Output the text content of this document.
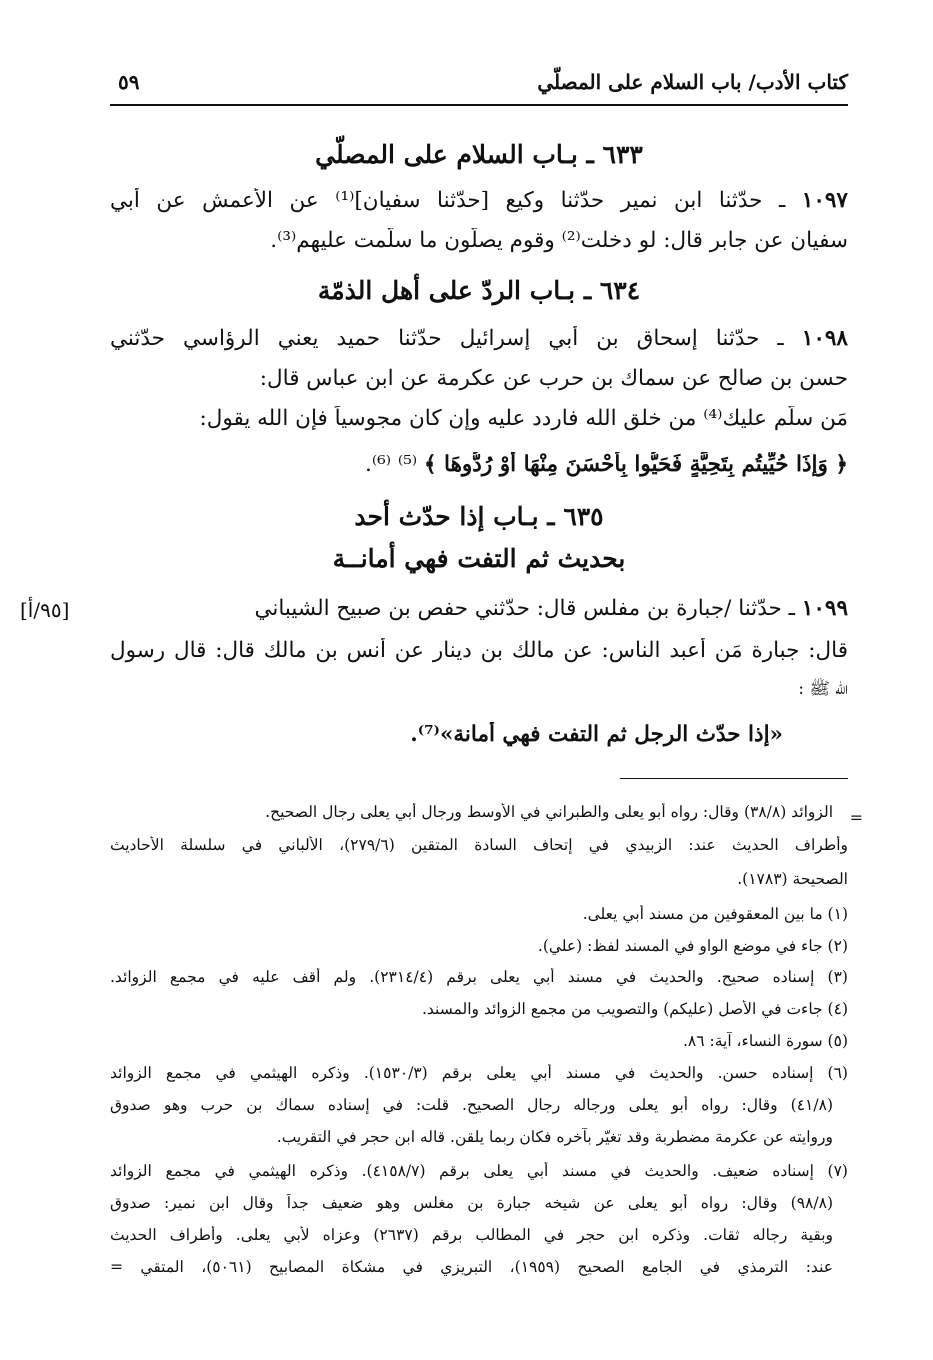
كتاب الأدب/ باب السلام على المصلّي
٥٩
٦٣٣ ـ بـاب السلام على المصلّي
١٠٩٧ ـ حدّثنا ابن نمير حدّثنا وكيع [حدّثنا سفيان]⁽¹⁾ عن الأعمش عن أبي
سفيان عن جابر قال: لو دخلت⁽²⁾ وقوم يصلّون ما سلّمت عليهم⁽³⁾.
٦٣٤ ـ بـاب الردّ على أهل الذمّة
١٠٩٨ ـ حدّثنا إسحاق بن أبي إسرائيل حدّثنا حميد يعني الرؤاسي حدّثني
حسن بن صالح عن سماك بن حرب عن عكرمة عن ابن عباس قال:
مَن سلّم عليك⁽⁴⁾ من خلق الله فاردد عليه وإن كان مجوسياً فإن الله يقول:
﴿ وَإِذَا حُيِّيتُم بِتَحِيَّةٍ فَحَيُّوا بِأَحْسَنَ مِنْهَا أَوْ رُدُّوهَا ﴾ ⁽⁵⁾ ⁽⁶⁾.
٦٣٥ ـ بـاب إذا حدّث أحد
بحديث ثم التفت فهي أمانــة
١٠٩٩ ـ حدّثنا /جبارة بن مفلس قال: حدّثني حفص بن صبيح الشيباني
[٩٥/أ]
قال: جبارة مَن أعبد الناس: عن مالك بن دينار عن أنس بن مالك قال: قال رسول
الله ﷺ :
«إذا حدّث الرجل ثم التفت فهي أمانة»⁽⁷⁾.
=
الزوائد (٣٨/٨) وقال: رواه أبو يعلى والطبراني في الأوسط ورجال أبي يعلى رجال الصحيح.
وأطراف الحديث عند: الزبيدي في إتحاف السادة المتقين (٢٧٩/٦)، الألباني في سلسلة الأحاديث
الصحيحة (١٧٨٣).
(١) ما بين المعقوفين من مسند أبي يعلى.
(٢) جاء في موضع الواو في المسند لفظ: (علي).
(٣) إسناده صحيح. والحديث في مسند أبي يعلى برقم (٢٣١٤/٤). ولم أقف عليه في مجمع الزوائد.
(٤) جاءت في الأصل (عليكم) والتصويب من مجمع الزوائد والمسند.
(٥) سورة النساء، آية: ٨٦.
(٦) إسناده حسن. والحديث في مسند أبي يعلى برقم (١٥٣٠/٣). وذكره الهيثمي في مجمع الزوائد
(٤١/٨) وقال: رواه أبو يعلى ورجاله رجال الصحيح. قلت: في إسناده سماك بن حرب وهو صدوق
وروايته عن عكرمة مضطربة وقد تغيّر بآخره فكان ربما يلقن. قاله ابن حجر في التقريب.
(٧) إسناده ضعيف. والحديث في مسند أبي يعلى برقم (٤١٥٨/٧). وذكره الهيثمي في مجمع الزوائد
(٩٨/٨) وقال: رواه أبو يعلى عن شيخه جبارة بن مغلس وهو ضعيف جداً وقال ابن نمير: صدوق
وبقية رجاله ثقات. وذكره ابن حجر في المطالب برقم (٢٦٣٧) وعزاه لأبي يعلى. وأطراف الحديث
عند: الترمذي في الجامع الصحيح (١٩٥٩)، التبريزي في مشكاة المصابيح (٥٠٦١)، المتقي =
